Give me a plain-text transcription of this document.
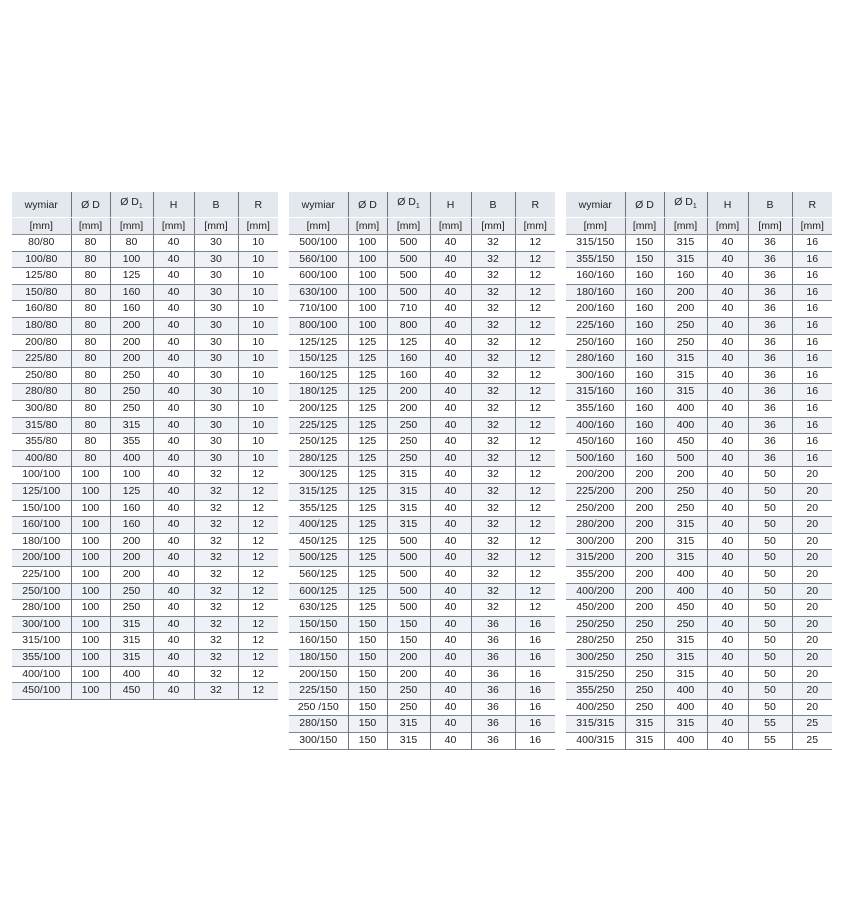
wymiar	Ø D	Ø $D_1$	H	B	R
[mm]	[mm]	[mm]	[mm]	[mm]	[mm]
80/80	80	80	40	30	10
100/80	80	100	40	30	10
125/80	80	125	40	30	10
150/80	80	160	40	30	10
160/80	80	160	40	30	10
180/80	80	200	40	30	10
200/80	80	200	40	30	10
225/80	80	200	40	30	10
250/80	80	250	40	30	10
280/80	80	250	40	30	10
300/80	80	250	40	30	10
315/80	80	315	40	30	10
355/80	80	355	40	30	10
400/80	80	400	40	30	10
100/100	100	100	40	32	12
125/100	100	125	40	32	12
150/100	100	160	40	32	12
160/100	100	160	40	32	12
180/100	100	200	40	32	12
200/100	100	200	40	32	12
225/100	100	200	40	32	12
250/100	100	250	40	32	12
280/100	100	250	40	32	12
300/100	100	315	40	32	12
315/100	100	315	40	32	12
355/100	100	315	40	32	12
400/100	100	400	40	32	12
450/100	100	450	40	32	12
wymiar	Ø D	Ø $D_1$	H	B	R
[mm]	[mm]	[mm]	[mm]	[mm]	[mm]
500/100	100	500	40	32	12
560/100	100	500	40	32	12
600/100	100	500	40	32	12
630/100	100	500	40	32	12
710/100	100	710	40	32	12
800/100	100	800	40	32	12
125/125	125	125	40	32	12
150/125	125	160	40	32	12
160/125	125	160	40	32	12
180/125	125	200	40	32	12
200/125	125	200	40	32	12
225/125	125	250	40	32	12
250/125	125	250	40	32	12
280/125	125	250	40	32	12
300/125	125	315	40	32	12
315/125	125	315	40	32	12
355/125	125	315	40	32	12
400/125	125	315	40	32	12
450/125	125	500	40	32	12
500/125	125	500	40	32	12
560/125	125	500	40	32	12
600/125	125	500	40	32	12
630/125	125	500	40	32	12
150/150	150	150	40	36	16
160/150	150	150	40	36	16
180/150	150	200	40	36	16
200/150	150	200	40	36	16
225/150	150	250	40	36	16
250 /150	150	250	40	36	16
280/150	150	315	40	36	16
300/150	150	315	40	36	16
wymiar	Ø D	Ø $D_1$	H	B	R
[mm]	[mm]	[mm]	[mm]	[mm]	[mm]
315/150	150	315	40	36	16
355/150	150	315	40	36	16
160/160	160	160	40	36	16
180/160	160	200	40	36	16
200/160	160	200	40	36	16
225/160	160	250	40	36	16
250/160	160	250	40	36	16
280/160	160	315	40	36	16
300/160	160	315	40	36	16
315/160	160	315	40	36	16
355/160	160	400	40	36	16
400/160	160	400	40	36	16
450/160	160	450	40	36	16
500/160	160	500	40	36	16
200/200	200	200	40	50	20
225/200	200	250	40	50	20
250/200	200	250	40	50	20
280/200	200	315	40	50	20
300/200	200	315	40	50	20
315/200	200	315	40	50	20
355/200	200	400	40	50	20
400/200	200	400	40	50	20
450/200	200	450	40	50	20
250/250	250	250	40	50	20
280/250	250	315	40	50	20
300/250	250	315	40	50	20
315/250	250	315	40	50	20
355/250	250	400	40	50	20
400/250	250	400	40	50	20
315/315	315	315	40	55	25
400/315	315	400	40	55	25
